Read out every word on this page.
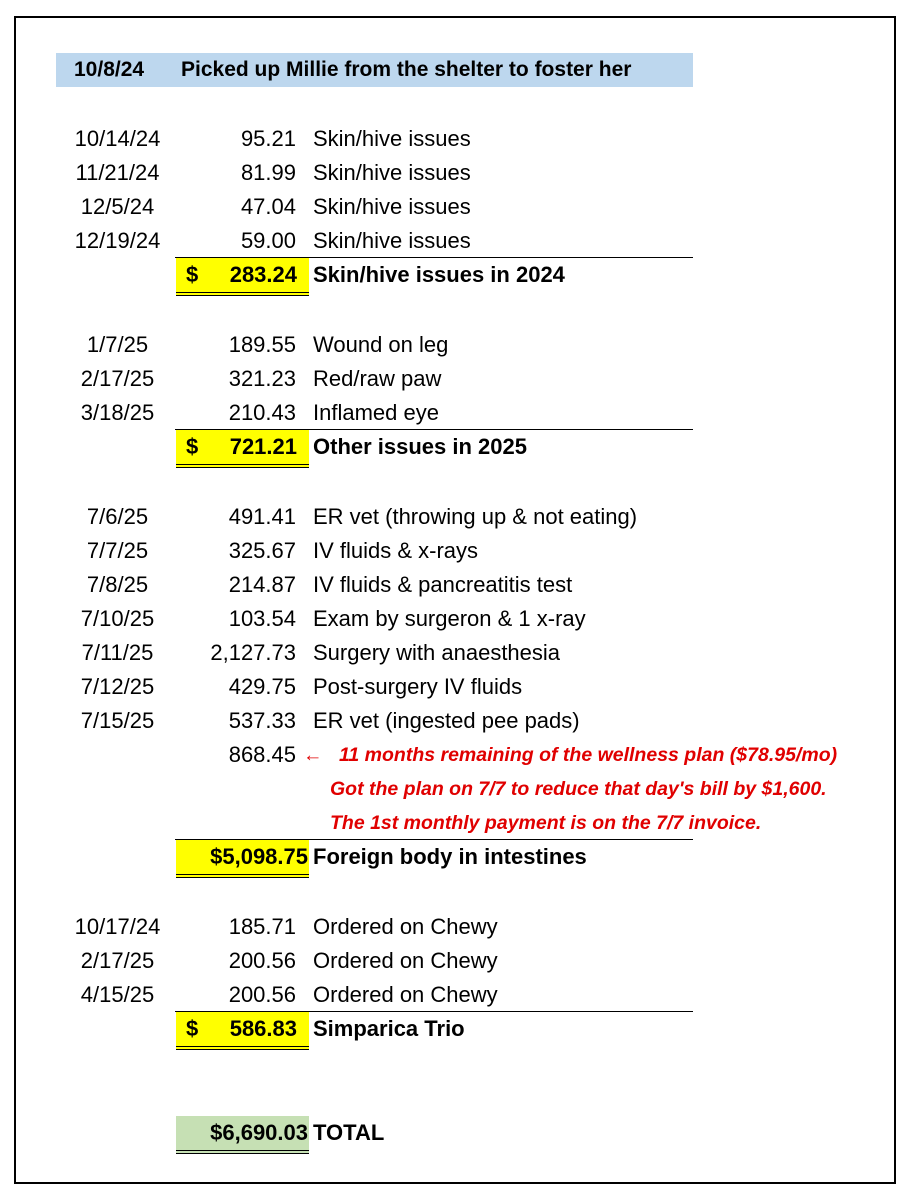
10/8/24 Picked up Millie from the shelter to foster her
10/14/24	95.21 Skin/hive issues
11/21/24	81.99 Skin/hive issues
12/5/24	47.04 Skin/hive issues
12/19/24	59.00 Skin/hive issues
$ 283.24 Skin/hive issues in 2024
1/7/25	189.55 Wound on leg
2/17/25	321.23 Red/raw paw
3/18/25	210.43 Inflamed eye
$ 721.21 Other issues in 2025
7/6/25	491.41 ER vet (throwing up & not eating)
7/7/25	325.67 IV fluids & x-rays
7/8/25	214.87 IV fluids & pancreatitis test
7/10/25	103.54 Exam by surgeron & 1 x-ray
7/11/25	2,127.73 Surgery with anaesthesia
7/12/25	429.75 Post-surgery IV fluids
7/15/25	537.33 ER vet (ingested pee pads)
868.45 ← 11 months remaining of the wellness plan ($78.95/mo)
Got the plan on 7/7 to reduce that day's bill by $1,600.
The 1st monthly payment is on the 7/7 invoice.
$5,098.75 Foreign body in intestines
10/17/24	185.71 Ordered on Chewy
2/17/25	200.56 Ordered on Chewy
4/15/25	200.56 Ordered on Chewy
$ 586.83 Simparica Trio
$6,690.03 TOTAL
